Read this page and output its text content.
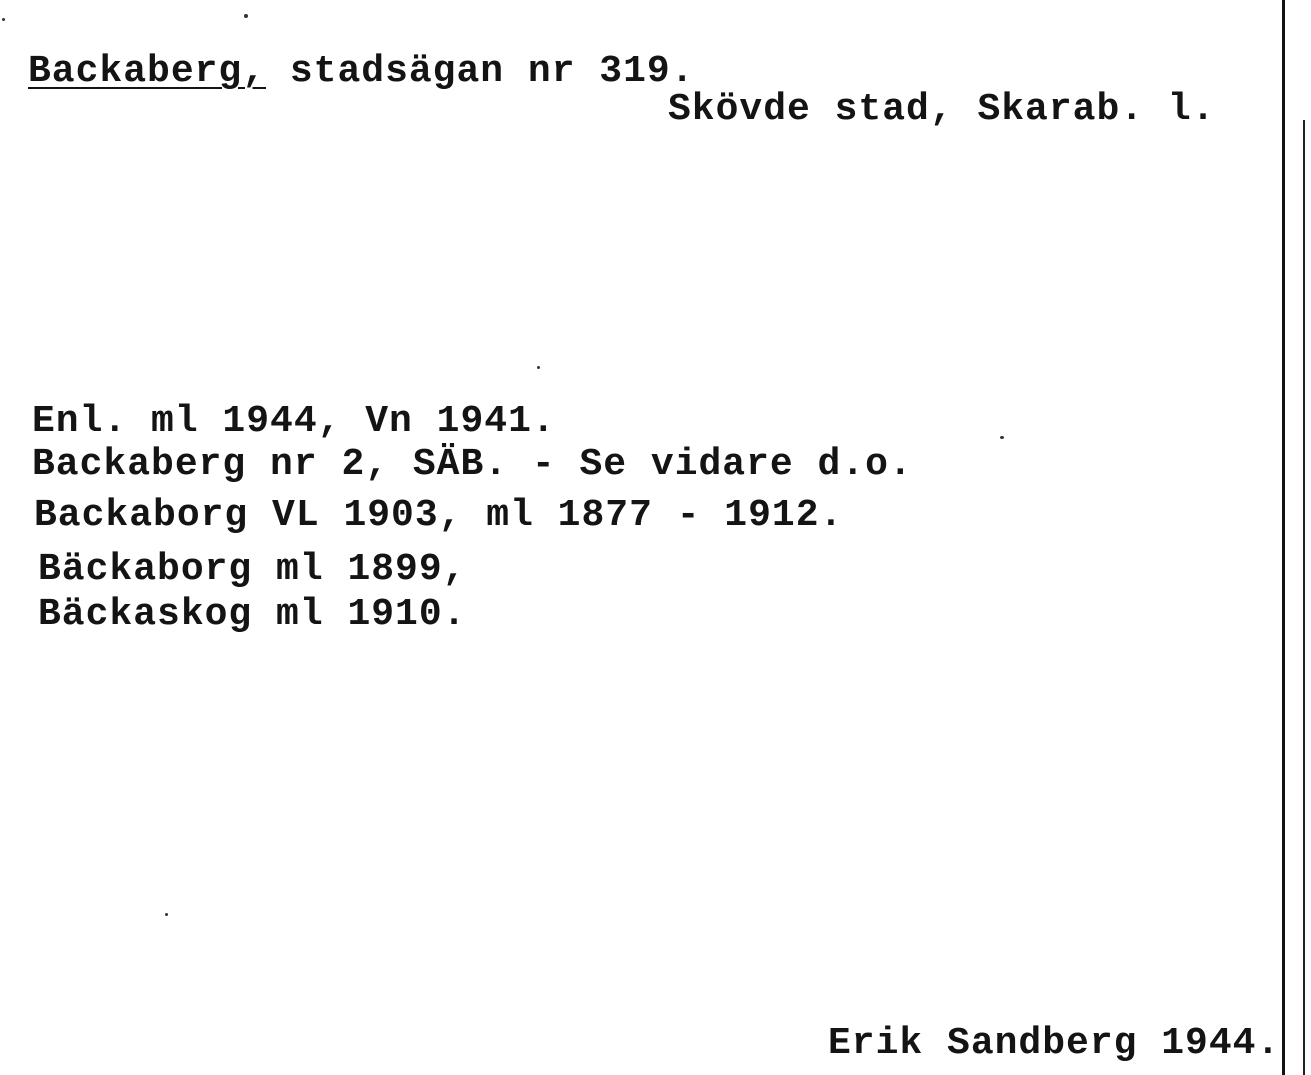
Backaberg, stadsägan nr 319.
Skövde stad, Skarab. l.
Enl. ml 1944, Vn 1941.
Backaberg nr 2, SÄB. - Se vidare d.o.
Backaborg VL 1903, ml 1877 - 1912.
Bäckaborg ml 1899,
Bäckaskog ml 1910.
Erik Sandberg 1944.
